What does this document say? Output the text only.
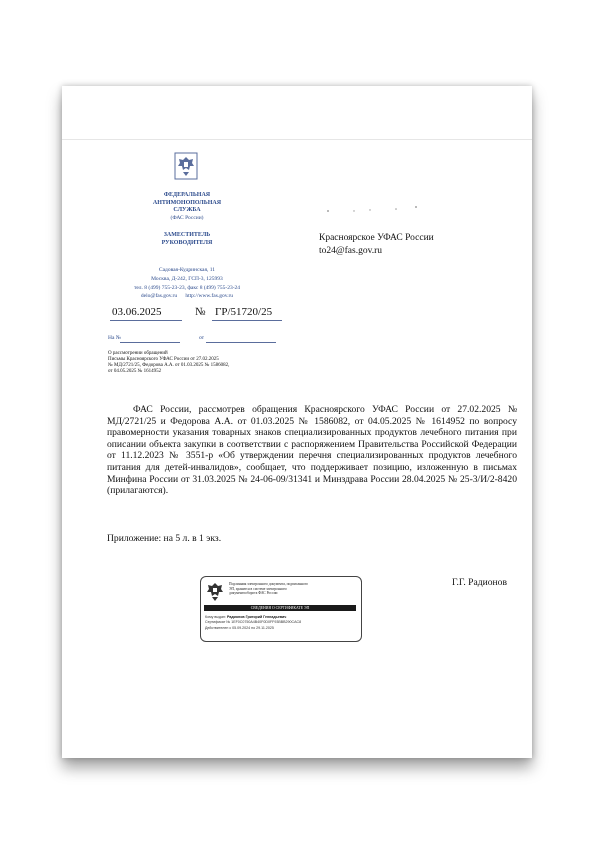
ФЕДЕРАЛЬНАЯ
АНТИМОНОПОЛЬНАЯ
СЛУЖБА
(ФАС России)
ЗАМЕСТИТЕЛЬ
РУКОВОДИТЕЛЯ
Садовая-Кудринская, 11
Москва, Д-242, ГСП-3, 125993
тел. 8 (499) 755-23-23, факс 8 (499) 755-23-24
delo@fas.gov.ru      http://www.fas.gov.ru
03.06.2025	№ ГР/51720/25
На №	от
О рассмотрении обращений
Письмы Красноярского УФАС России от 27.02.2025
№ МД/2721/25, Федорова А.А. от 01.03.2025 № 1586082,
от 04.05.2025 № 1614952
Красноярское УФАС России
to24@fas.gov.ru

ФАС России, рассмотрев обращения Красноярского УФАС России от 27.02.2025 № МД/2721/25 и Федорова А.А. от 01.03.2025 № 1586082, от 04.05.2025 № 1614952 по вопросу правомерности указания товарных знаков специализированных продуктов лечебного питания при описании объекта закупки в соответствии с распоряжением Правительства Российской Федерации от 11.12.2023 № 3551-р «Об утверждении перечня специализированных продуктов лечебного питания для детей-инвалидов», сообщает, что поддерживает позицию, изложенную в письмах Минфина России от 31.03.2025 № 24-06-09/31341 и Минздрава России 28.04.2025 № 25-3/И/2-8420 (прилагаются).

Приложение: на 5 л. в 1 экз.
Подлинник электронного документа, подписанного
ЭП, хранится в системе электронного
документооборота ФАС России
СВЕДЕНИЯ О СЕРТИФИКАТЕ ЭП
Кому выдан: Радионов Григорий Геннадьевич
Сертификат № 1EF0C0750A4B40F0D0FF93BBB290CAC8
Действителен с 05.09.2024 по 29.11.2025
Г.Г. Радионов
